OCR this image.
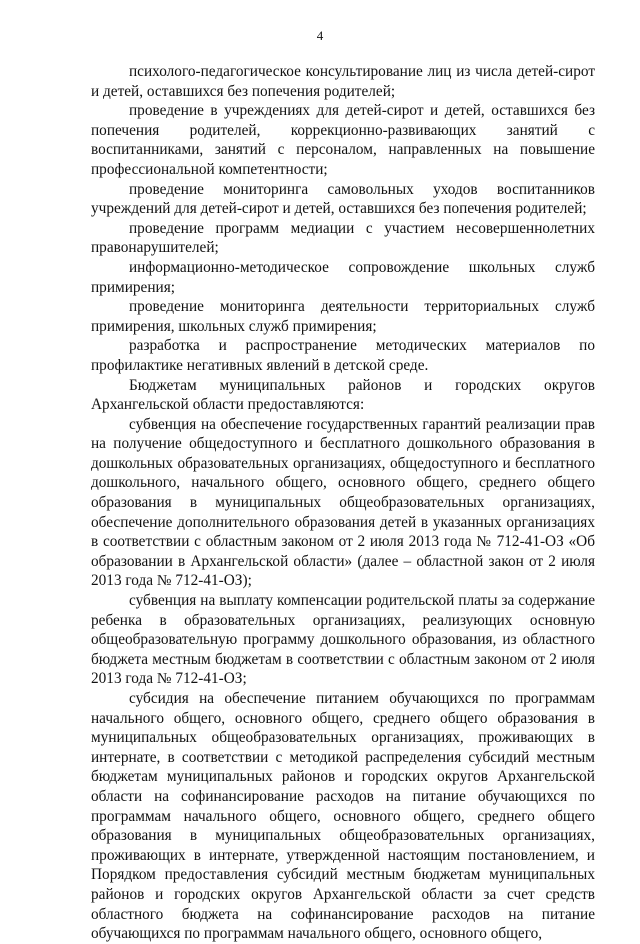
4

психолого-педагогическое консультирование лиц из числа детей-сирот и детей, оставшихся без попечения родителей;

проведение в учреждениях для детей-сирот и детей, оставшихся без попечения родителей, коррекционно-развивающих занятий с воспитанниками, занятий с персоналом, направленных на повышение профессиональной компетентности;

проведение мониторинга самовольных уходов воспитанников учреждений для детей-сирот и детей, оставшихся без попечения родителей;

проведение программ медиации с участием несовершеннолетних правонарушителей;

информационно-методическое сопровождение школьных служб примирения;

проведение мониторинга деятельности территориальных служб примирения, школьных служб примирения;

разработка и распространение методических материалов по профилактике негативных явлений в детской среде.

Бюджетам муниципальных районов и городских округов Архангельской области предоставляются:

субвенция на обеспечение государственных гарантий реализации прав на получение общедоступного и бесплатного дошкольного образования в дошкольных образовательных организациях, общедоступного и бесплатного дошкольного, начального общего, основного общего, среднего общего образования в муниципальных общеобразовательных организациях, обеспечение дополнительного образования детей в указанных организациях в соответствии с областным законом от 2 июля 2013 года № 712-41-ОЗ «Об образовании в Архангельской области» (далее – областной закон от 2 июля 2013 года № 712-41-ОЗ);

субвенция на выплату компенсации родительской платы за содержание ребенка в образовательных организациях, реализующих основную общеобразовательную программу дошкольного образования, из областного бюджета местным бюджетам в соответствии с областным законом от 2 июля 2013 года № 712-41-ОЗ;

субсидия на обеспечение питанием обучающихся по программам начального общего, основного общего, среднего общего образования в муниципальных общеобразовательных организациях, проживающих в интернате, в соответствии с методикой распределения субсидий местным бюджетам муниципальных районов и городских округов Архангельской области на софинансирование расходов на питание обучающихся по программам начального общего, основного общего, среднего общего образования в муниципальных общеобразовательных организациях, проживающих в интернате, утвержденной настоящим постановлением, и Порядком предоставления субсидий местным бюджетам муниципальных районов и городских округов Архангельской области за счет средств областного бюджета на софинансирование расходов на питание обучающихся по программам начального общего, основного общего,
